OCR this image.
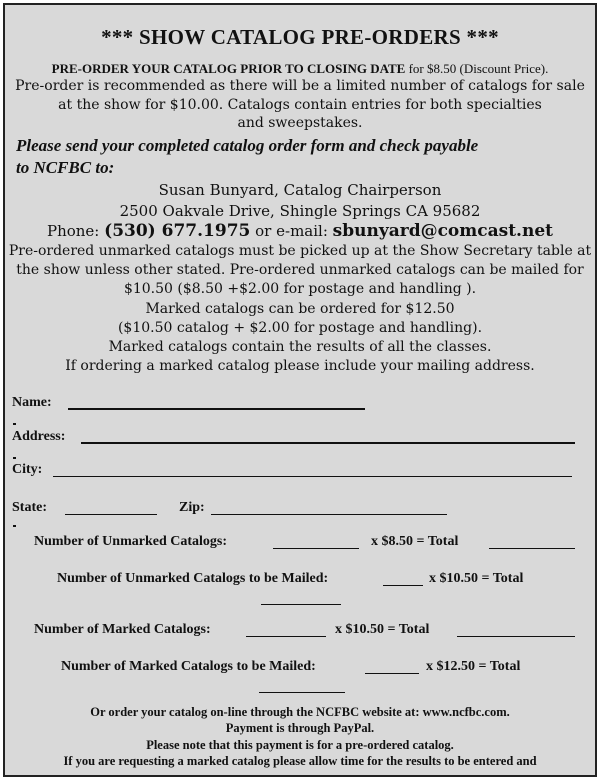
*** SHOW CATALOG PRE-ORDERS ***
PRE-ORDER YOUR CATALOG PRIOR TO CLOSING DATE for $8.50 (Discount Price).
Pre-order is recommended as there will be a limited number of catalogs for sale
at the show for $10.00. Catalogs contain entries for both specialties
and sweepstakes.
Please send your completed catalog order form and check payable
to NCFBC to:
Susan Bunyard, Catalog Chairperson
2500 Oakvale Drive, Shingle Springs CA 95682
Phone: (530) 677.1975 or e-mail: sbunyard@comcast.net
Pre-ordered unmarked catalogs must be picked up at the Show Secretary table at
the show unless other stated. Pre-ordered unmarked catalogs can be mailed for
$10.50 ($8.50 +$2.00 for postage and handling ).
Marked catalogs can be ordered for $12.50
($10.50 catalog + $2.00 for postage and handling).
Marked catalogs contain the results of all the classes.
If ordering a marked catalog please include your mailing address.
Name:
Address:
City:
State:	Zip:
Number of Unmarked Catalogs:	x $8.50 = Total
Number of Unmarked Catalogs to be Mailed:	x $10.50 = Total
Number of Marked Catalogs:	x $10.50 = Total
Number of Marked Catalogs to be Mailed:	x $12.50 = Total
Or order your catalog on-line through the NCFBC website at: www.ncfbc.com.
Payment is through PayPal.
Please note that this payment is for a pre-ordered catalog.
If you are requesting a marked catalog please allow time for the results to be entered and
